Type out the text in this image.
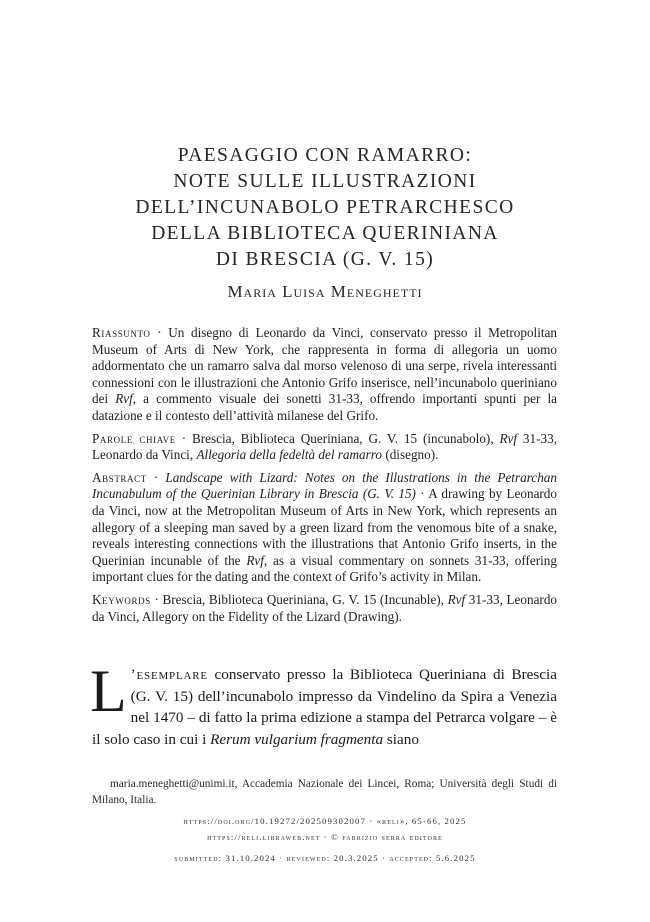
PAESAGGIO CON RAMARRO:
NOTE SULLE ILLUSTRAZIONI
DELL’INCUNABOLO PETRARCHESCO
DELLA BIBLIOTECA QUERINIANA
DI BRESCIA (G. V. 15)
Maria Luisa Meneghetti

Riassunto · Un disegno di Leonardo da Vinci, conservato presso il Metropolitan Museum of Arts di New York, che rappresenta in forma di allegoria un uomo addormentato che un ramarro salva dal morso velenoso di una serpe, rivela interessanti connessioni con le illustrazioni che Antonio Grifo inserisce, nell’incunabolo queriniano dei Rvf, a commento visuale dei sonetti 31-33, offrendo importanti spunti per la datazione e il contesto dell’attività milanese del Grifo.

Parole chiave · Brescia, Biblioteca Queriniana, G. V. 15 (incunabolo), Rvf 31-33, Leonardo da Vinci, Allegoria della fedeltà del ramarro (disegno).

Abstract · Landscape with Lizard: Notes on the Illustrations in the Petrarchan Incunabulum of the Querinian Library in Brescia (G. V. 15) · A drawing by Leonardo da Vinci, now at the Metropolitan Museum of Arts in New York, which represents an allegory of a sleeping man saved by a green lizard from the venomous bite of a snake, reveals interesting connections with the illustrations that Antonio Grifo inserts, in the Querinian incunable of the Rvf, as a visual commentary on sonnets 31-33, offering important clues for the dating and the context of Grifo’s activity in Milan.

Keywords · Brescia, Biblioteca Queriniana, G. V. 15 (Incunable), Rvf 31-33, Leonardo da Vinci, Allegory on the Fidelity of the Lizard (Drawing).

L ’esemplare conservato presso la Biblioteca Queriniana di Brescia (G. V. 15) dell’incunabolo impresso da Vindelino da Spira a Venezia nel 1470 – di fatto la prima edizione a stampa del Petrarca volgare – è il solo caso in cui i Rerum vulgarium fragmenta siano
maria.meneghetti@unimi.it, Accademia Nazionale dei Lincei, Roma; Università degli Studi di Milano, Italia.
https://doi.org/10.19272/202509302007 · «reli», 65-66, 2025
https://reli.libraweb.net · © fabrizio serra editore
submitted: 31.10.2024 · reviewed: 20.3.2025 · accepted: 5.6.2025
